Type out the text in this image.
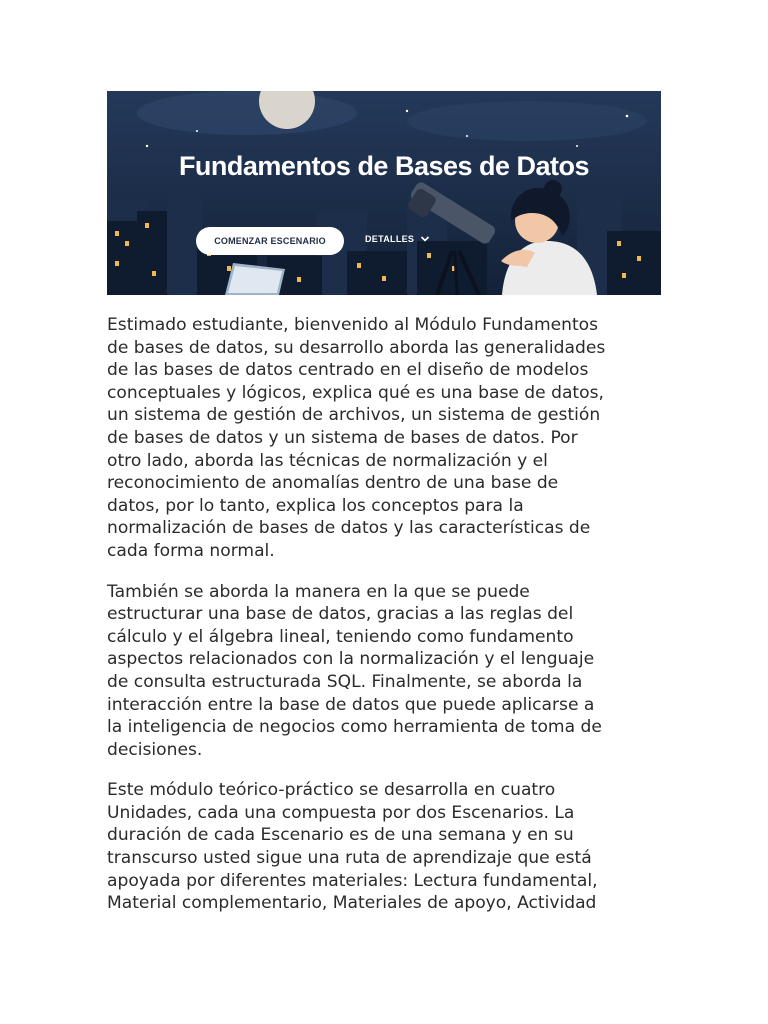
Fundamentos de Bases de Datos
COMENZAR ESCENARIO	DETALLES

Estimado estudiante, bienvenido al Módulo Fundamentos
de bases de datos, su desarrollo aborda las generalidades
de las bases de datos centrado en el diseño de modelos
conceptuales y lógicos, explica qué es una base de datos,
un sistema de gestión de archivos, un sistema de gestión
de bases de datos y un sistema de bases de datos. Por
otro lado, aborda las técnicas de normalización y el
reconocimiento de anomalías dentro de una base de
datos, por lo tanto, explica los conceptos para la
normalización de bases de datos y las características de
cada forma normal.

También se aborda la manera en la que se puede
estructurar una base de datos, gracias a las reglas del
cálculo y el álgebra lineal, teniendo como fundamento
aspectos relacionados con la normalización y el lenguaje
de consulta estructurada SQL. Finalmente, se aborda la
interacción entre la base de datos que puede aplicarse a
la inteligencia de negocios como herramienta de toma de
decisiones.

Este módulo teórico-práctico se desarrolla en cuatro
Unidades, cada una compuesta por dos Escenarios. La
duración de cada Escenario es de una semana y en su
transcurso usted sigue una ruta de aprendizaje que está
apoyada por diferentes materiales: Lectura fundamental,
Material complementario, Materiales de apoyo, Actividad
